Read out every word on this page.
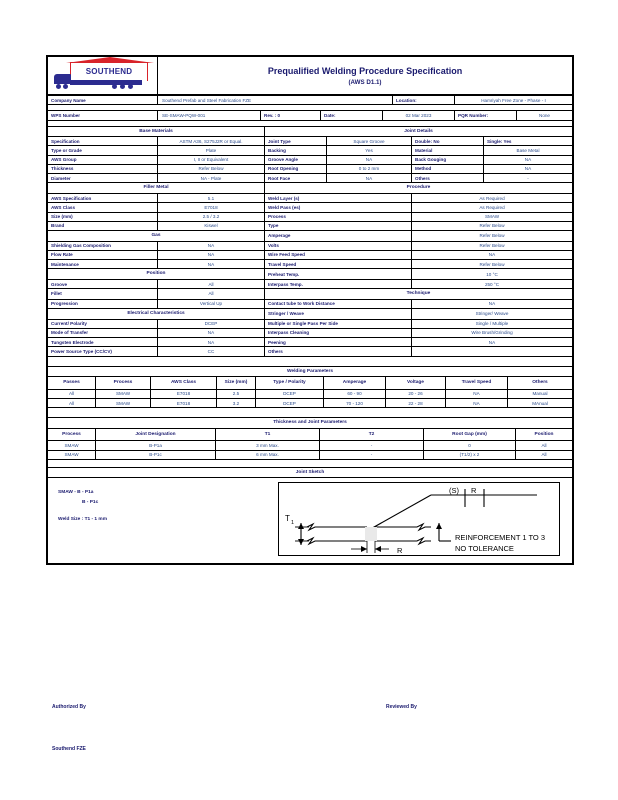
SOUTHEND	Prequalified Welding Procedure Specification
(AWS D1.1)
Company Name	Southend Prefab and Steel Fabrication FZE	Location:	Hamriyah Free Zone - Phase - I
WPS Number	SE-SMAW-PQW-001	Rev. : 0	Date:	02 Mar 2023	PQR Number:	None
Base Materials		Joint Details			
Specification	ASTM A36, S275J2R or Equal.	Joint Type	Square Groove	Double: No	Single: Yes
Type or Grade	Plate	Backing	Yes	Material	Base Metal
AWS Group	I, II or Equivalent	Groove Angle	NA	Back Gouging	NA
Thickness	Refer Below	Root Opening	0 to 2 mm	Method	NA
Diameter	NA - Plate	Root Face	NA	Others	-
Filler Metal		Procedure			
AWS Specification	5.1	Weld Layer (s)		As Required	
AWS Class	E7018	Weld Pass (es)		As Required	
Size (mm)	2.5 / 3.2	Process		SMAW	
Brand	Kiswel	Type		Refer Below	
Gas		Amperage		Refer Below	
Shielding Gas Composition	NA	Volts		Refer Below	
Flow Rate	NA	Wire Feed Speed		NA	
Maintenance	NA	Travel Speed		Refer Below	
Position		Preheat Temp.		10 °C	
Groove	All	Interpass Temp.		250 °C	
Fillet	All	Technique			
Progression	Vertical Up	Contact tube to Work Distance		NA	
Electrical Characteristics		Stringer / Weave		Stringer/ Weave	
Current/ Polarity	DCEP	Multiple or Single Pass Per Side		Single / Multiple	
Mode of Transfer	NA	Interpass Cleaning		Wire Brush/Grinding	
Tungsten Electrode	NA	Peening		NA	
Power Source Type (CC/CV)	CC	Others			
Welding Parameters								
Passes	Process	AWS Class	Size (mm)	Type / Polarity	Amperage	Voltage	Travel Speed	Others
All	SMAW	E7018	2.5	DCEP	60 - 90	20 - 26	NA	Manual
All	SMAW	E7018	3.2	DCEP	70 - 120	22 - 28	NA	MAnual
Thickness and Joint Parameters					
Process	Joint Designation	T1	T2	Root Gap (mm)	Position
SMAW	B-P1a	3 mm Max.	-	0	All
SMAW	B-P1c	6 mm Max.	-	(T1/2) x 2	All
Joint Sketch

SMAW - B - P1a
B - P1c
Weld Size : T1 - 1 mm	T 1
(S) R
R
REINFORCEMENT 1 TO 3
NO TOLERANCE
Authorized By	Reviewed By
Southend FZE
